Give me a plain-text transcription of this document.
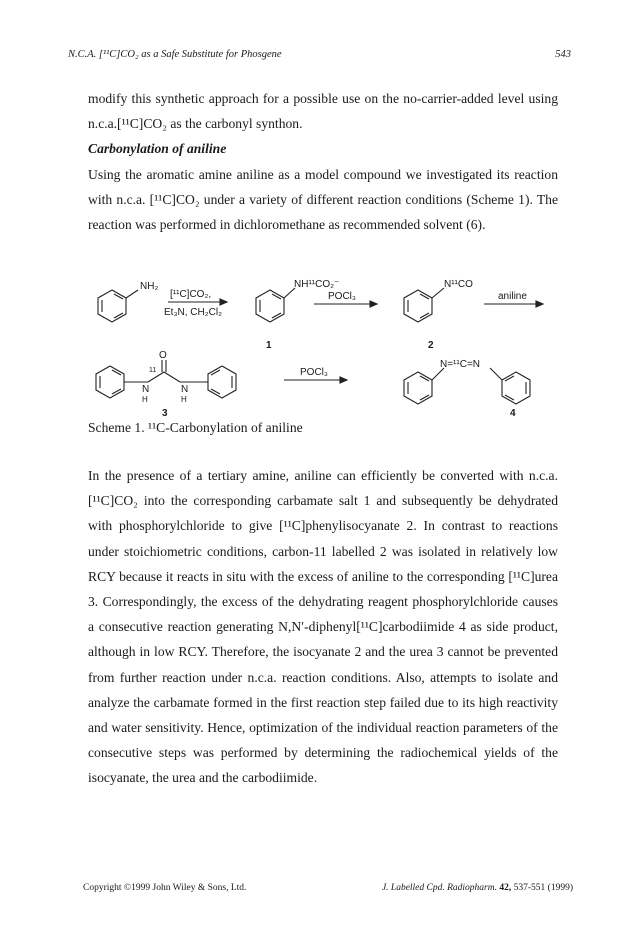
N.C.A. [¹¹C]CO₂ as a Safe Substitute for Phosgene	543

modify this synthetic approach for a possible use on the no-carrier-added level using n.c.a.[¹¹C]CO₂ as the carbonyl synthon.

Carbonylation of aniline

Using the aromatic amine aniline as a model compound we investigated its reaction with n.c.a. [¹¹C]CO₂ under a variety of different reaction conditions (Scheme 1). The reaction was performed in dichloromethane as recommended solvent (6).

NH₂
[¹¹C]CO₂,
Et₃N, CH₂Cl₂
NH¹¹CO₂⁻
POCl₃
N¹¹CO
aniline
O
11
N
H
N
H
POCl₃
N=¹¹C=N
1	2
3	4
Scheme 1. ¹¹C-Carbonylation of aniline

In the presence of a tertiary amine, aniline can efficiently be converted with n.c.a.[¹¹C]CO₂ into the corresponding carbamate salt 1 and subsequently be dehydrated with phosphorylchloride to give [¹¹C]phenylisocyanate 2. In contrast to reactions under stoichiometric conditions, carbon-11 labelled 2 was isolated in relatively low RCY because it reacts in situ with the excess of aniline to the corresponding [¹¹C]urea 3. Correspondingly, the excess of the dehydrating reagent phosphorylchloride causes a consecutive reaction generating N,N′-diphenyl[¹¹C]carbodiimide 4 as side product, although in low RCY. Therefore, the isocyanate 2 and the urea 3 cannot be prevented from further reaction under n.c.a. reaction conditions. Also, attempts to isolate and analyze the carbamate formed in the first reaction step failed due to its high reactivity and water sensitivity. Hence, optimization of the individual reaction parameters of the consecutive steps was performed by determining the radiochemical yields of the isocyanate, the urea and the carbodiimide.

Copyright ©1999 John Wiley & Sons, Ltd.	J. Labelled Cpd. Radiopharm. 42, 537-551 (1999)
